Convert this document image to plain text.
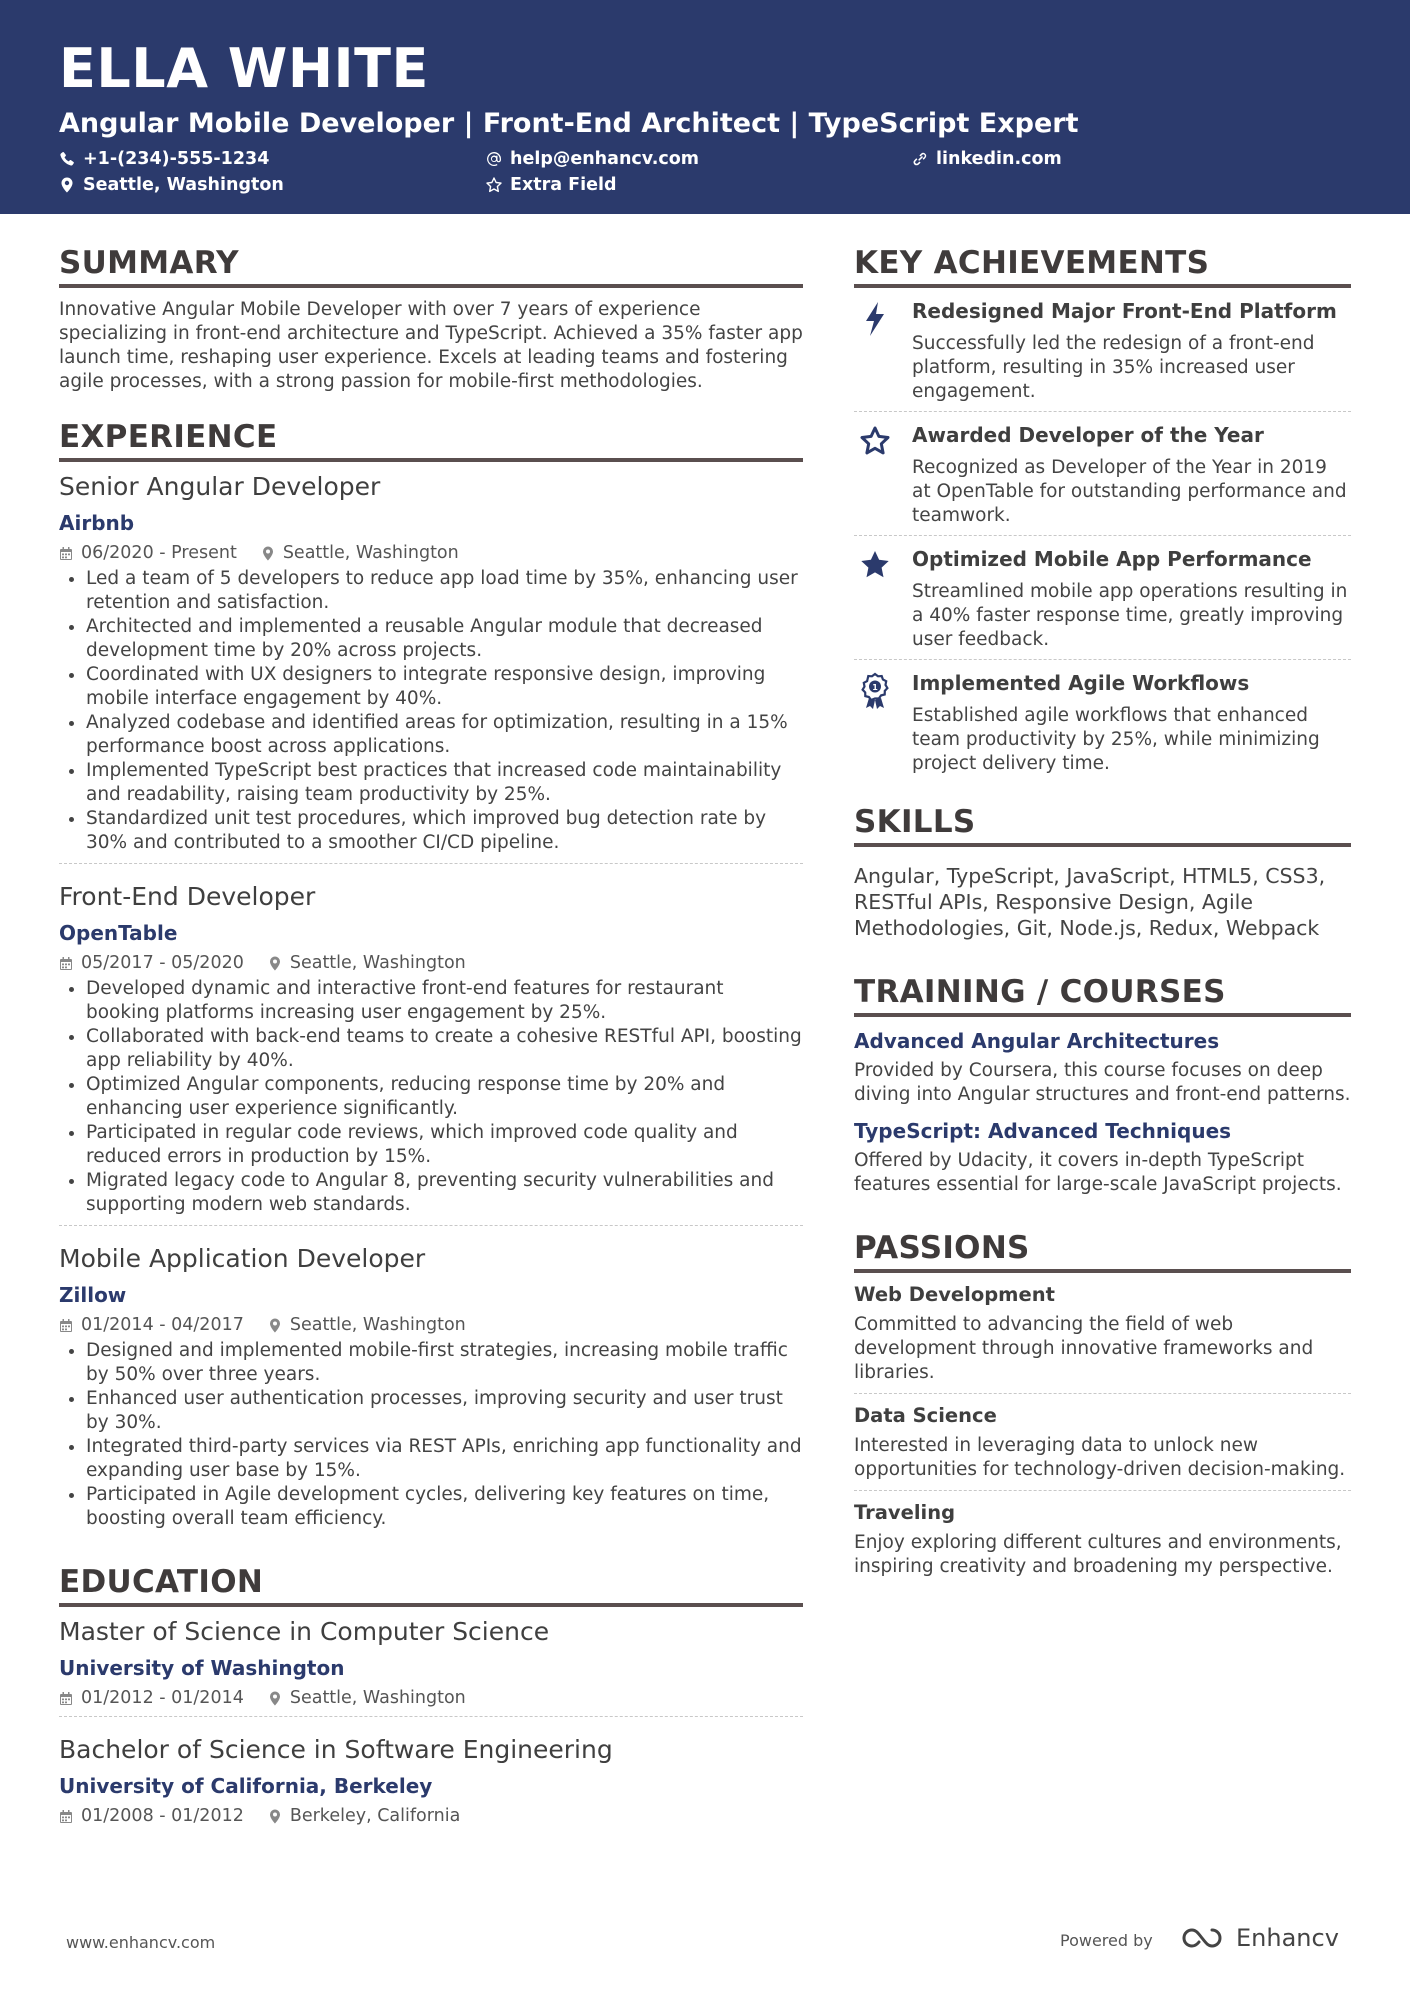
ELLA WHITE
Angular Mobile Developer | Front-End Architect | TypeScript Expert
+1-(234)-555-1234	help@enhancv.com	linkedin.com
Seattle, Washington	Extra Field
SUMMARY
Innovative Angular Mobile Developer with over 7 years of experience specializing in front-end architecture and TypeScript. Achieved a 35% faster app launch time, reshaping user experience. Excels at leading teams and fostering agile processes, with a strong passion for mobile-first methodologies.
EXPERIENCE
Senior Angular Developer
Airbnb
06/2020 - Present	Seattle, Washington
• Led a team of 5 developers to reduce app load time by 35%, enhancing user retention and satisfaction.
• Architected and implemented a reusable Angular module that decreased development time by 20% across projects.
• Coordinated with UX designers to integrate responsive design, improving mobile interface engagement by 40%.
• Analyzed codebase and identified areas for optimization, resulting in a 15% performance boost across applications.
• Implemented TypeScript best practices that increased code maintainability and readability, raising team productivity by 25%.
• Standardized unit test procedures, which improved bug detection rate by 30% and contributed to a smoother CI/CD pipeline.
Front-End Developer
OpenTable
05/2017 - 05/2020	Seattle, Washington
• Developed dynamic and interactive front-end features for restaurant booking platforms increasing user engagement by 25%.
• Collaborated with back-end teams to create a cohesive RESTful API, boosting app reliability by 40%.
• Optimized Angular components, reducing response time by 20% and enhancing user experience significantly.
• Participated in regular code reviews, which improved code quality and reduced errors in production by 15%.
• Migrated legacy code to Angular 8, preventing security vulnerabilities and supporting modern web standards.
Mobile Application Developer
Zillow
01/2014 - 04/2017	Seattle, Washington
• Designed and implemented mobile-first strategies, increasing mobile traffic by 50% over three years.
• Enhanced user authentication processes, improving security and user trust by 30%.
• Integrated third-party services via REST APIs, enriching app functionality and expanding user base by 15%.
• Participated in Agile development cycles, delivering key features on time, boosting overall team efficiency.
EDUCATION
Master of Science in Computer Science
University of Washington
01/2012 - 01/2014	Seattle, Washington
Bachelor of Science in Software Engineering
University of California, Berkeley
01/2008 - 01/2012	Berkeley, California
KEY ACHIEVEMENTS
Redesigned Major Front-End Platform
Successfully led the redesign of a front-end platform, resulting in 35% increased user engagement.
Awarded Developer of the Year
Recognized as Developer of the Year in 2019 at OpenTable for outstanding performance and teamwork.
Optimized Mobile App Performance
Streamlined mobile app operations resulting in a 40% faster response time, greatly improving user feedback.
1 Implemented Agile Workflows
Established agile workflows that enhanced team productivity by 25%, while minimizing project delivery time.
SKILLS
Angular, TypeScript, JavaScript, HTML5, CSS3, RESTful APIs, Responsive Design, Agile Methodologies, Git, Node.js, Redux, Webpack
TRAINING / COURSES
Advanced Angular Architectures
Provided by Coursera, this course focuses on deep diving into Angular structures and front-end patterns.
TypeScript: Advanced Techniques
Offered by Udacity, it covers in-depth TypeScript features essential for large-scale JavaScript projects.
PASSIONS
Web Development
Committed to advancing the field of web development through innovative frameworks and libraries.
Data Science
Interested in leveraging data to unlock new opportunities for technology-driven decision-making.
Traveling
Enjoy exploring different cultures and environments, inspiring creativity and broadening my perspective.
www.enhancv.com	Powered by	Enhancv
